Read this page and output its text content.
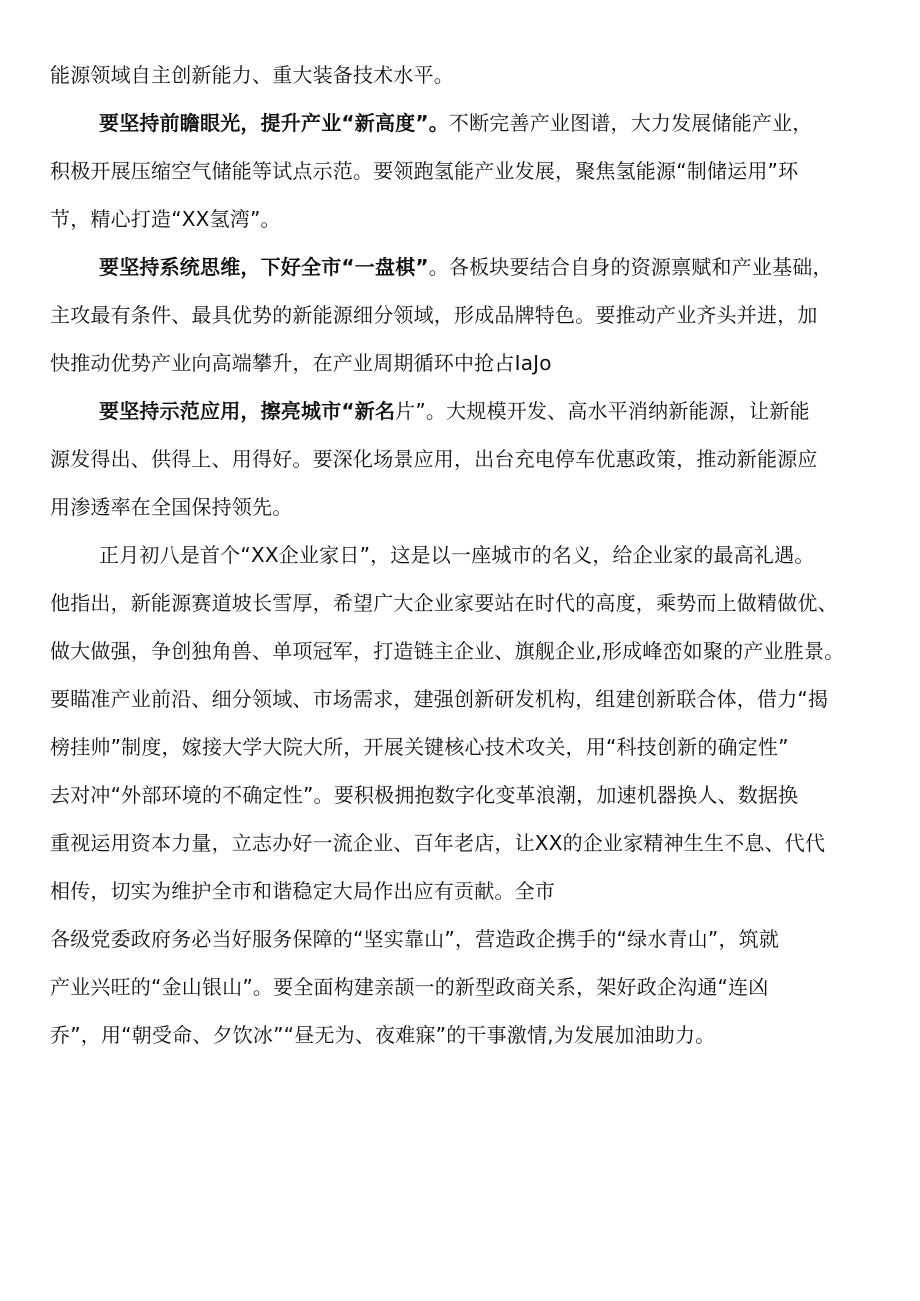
能源领域自主创新能力、重大装备技术水平。
要坚持前瞻眼光，提升产业“新高度”。不断完善产业图谱，大力发展储能产业，
积极开展压缩空气储能等试点示范。要领跑氢能产业发展，聚焦氢能源“制储运用”环
节，精心打造“XX氢湾”。
要坚持系统思维，下好全市“一盘棋”。各板块要结合自身的资源禀赋和产业基础，
主攻最有条件、最具优势的新能源细分领域，形成品牌特色。要推动产业齐头并进，加
快推动优势产业向高端攀升，在产业周期循环中抢占IaJo
要坚持示范应用，擦亮城市“新名片”。大规模开发、高水平消纳新能源，让新能
源发得出、供得上、用得好。要深化场景应用，出台充电停车优惠政策，推动新能源应
用渗透率在全国保持领先。
正月初八是首个“XX企业家日”，这是以一座城市的名义，给企业家的最高礼遇。
他指出，新能源赛道坡长雪厚，希望广大企业家要站在时代的高度，乘势而上做精做优、
做大做强，争创独角兽、单项冠军，打造链主企业、旗舰企业,形成峰峦如聚的产业胜景。
要瞄准产业前沿、细分领域、市场需求，建强创新研发机构，组建创新联合体，借力“揭
榜挂帅”制度，嫁接大学大院大所，开展关键核心技术攻关，用“科技创新的确定性”
去对冲“外部环境的不确定性”。要积极拥抱数字化变革浪潮，加速机器换人、数据换
重视运用资本力量，立志办好一流企业、百年老店，让XX的企业家精神生生不息、代代
相传，切实为维护全市和谐稳定大局作出应有贡献。全市
各级党委政府务必当好服务保障的“坚实靠山”，营造政企携手的“绿水青山”，筑就
产业兴旺的“金山银山”。要全面构建亲颉一的新型政商关系，架好政企沟通“连凶
乔”，用“朝受命、夕饮冰”“昼无为、夜难寐”的干事激情,为发展加油助力。
